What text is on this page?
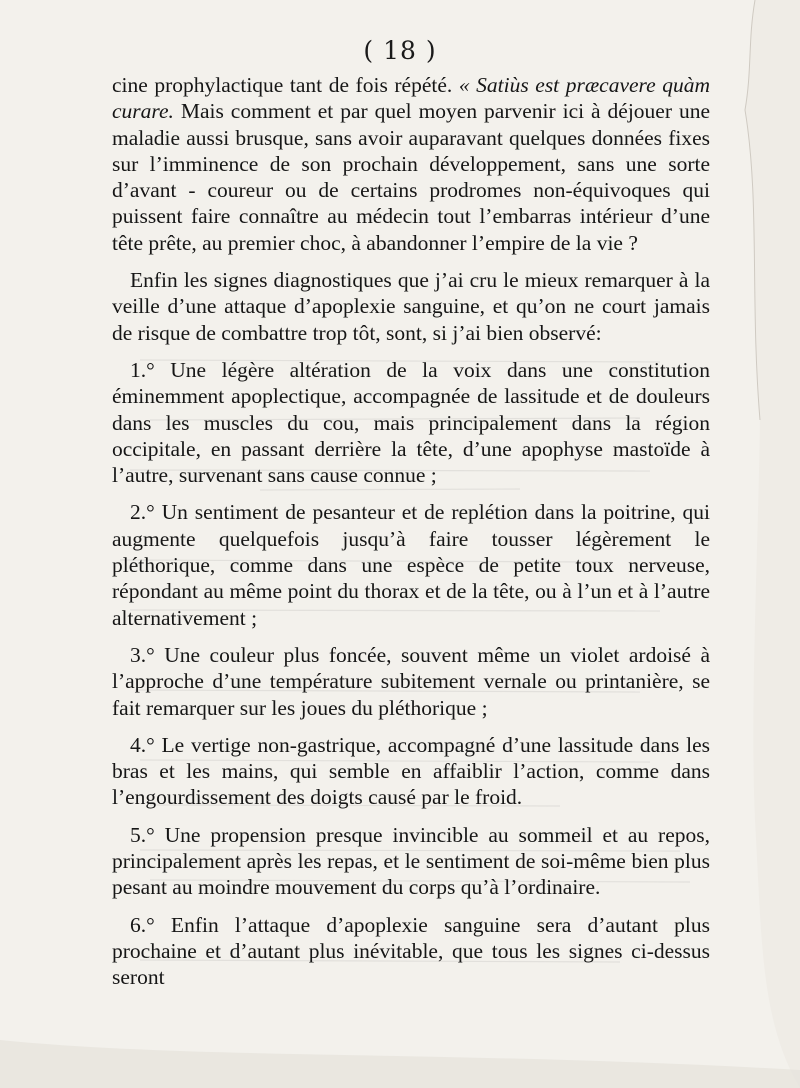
( 18 )

cine prophylactique tant de fois répété. « Satiùs est præcavere quàm curare. Mais comment et par quel moyen parvenir ici à déjouer une maladie aussi brusque, sans avoir auparavant quelques données fixes sur l’imminence de son prochain développement, sans une sorte d’avant - coureur ou de certains prodromes non-équivoques qui puissent faire connaître au médecin tout l’embarras intérieur d’une tête prête, au premier choc, à abandonner l’empire de la vie ?

Enfin les signes diagnostiques que j’ai cru le mieux remarquer à la veille d’une attaque d’apoplexie sanguine, et qu’on ne court jamais de risque de combattre trop tôt, sont, si j’ai bien observé:

1.° Une légère altération de la voix dans une constitution éminemment apoplectique, accompagnée de lassitude et de douleurs dans les muscles du cou, mais principalement dans la région occipitale, en passant derrière la tête, d’une apophyse mastoïde à l’autre, survenant sans cause connue ;

2.° Un sentiment de pesanteur et de replétion dans la poitrine, qui augmente quelquefois jusqu’à faire tousser légèrement le pléthorique, comme dans une espèce de petite toux nerveuse, répondant au même point du thorax et de la tête, ou à l’un et à l’autre alternativement ;

3.° Une couleur plus foncée, souvent même un violet ardoisé à l’approche d’une température subitement vernale ou printanière, se fait remarquer sur les joues du pléthorique ;

4.° Le vertige non-gastrique, accompagné d’une lassitude dans les bras et les mains, qui semble en affaiblir l’action, comme dans l’engourdissement des doigts causé par le froid.

5.° Une propension presque invincible au sommeil et au repos, principalement après les repas, et le sentiment de soi-même bien plus pesant au moindre mouvement du corps qu’à l’ordinaire.

6.° Enfin l’attaque d’apoplexie sanguine sera d’autant plus prochaine et d’autant plus inévitable, que tous les signes ci-dessus seront
